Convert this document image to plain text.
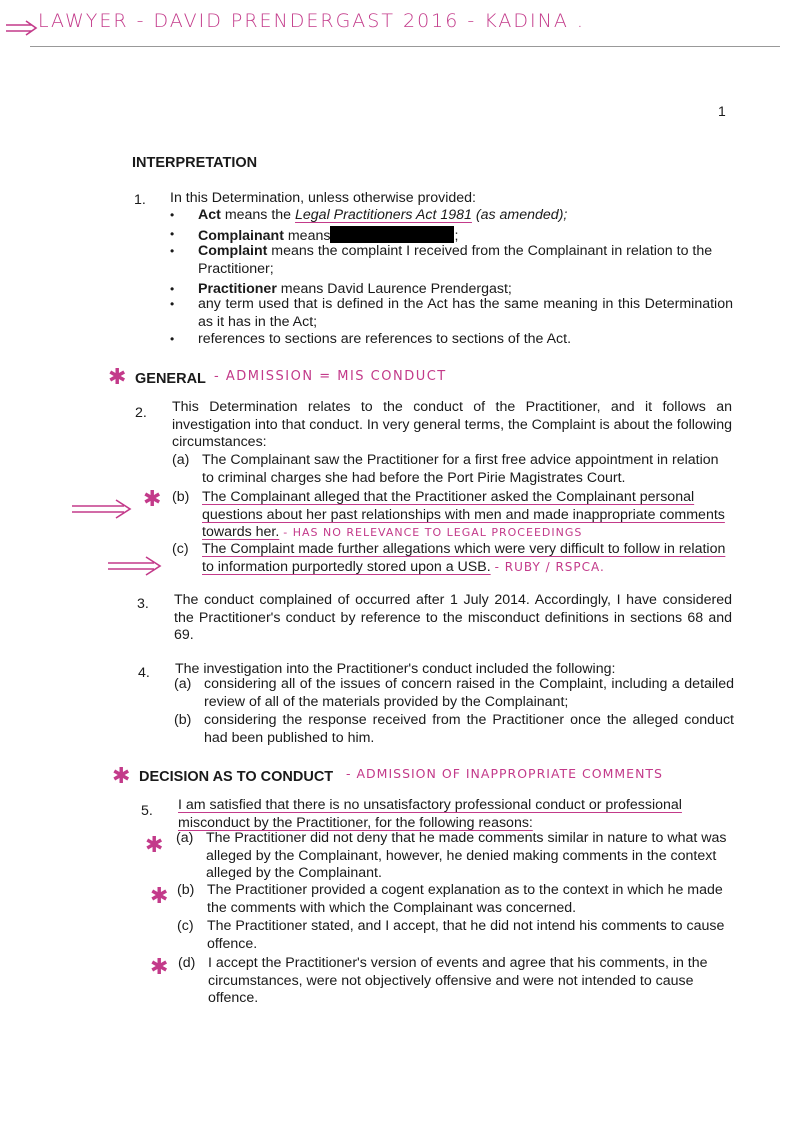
LAWYER - DAVID PRENDERGAST 2016 - KADINA .
1
INTERPRETATION
1. In this Determination, unless otherwise provided:
• Act means the Legal Practitioners Act 1981 (as amended);
• Complainant means	;
• Complaint means the complaint I received from the Complainant in relation to the Practitioner;
• Practitioner means David Laurence Prendergast;
• any term used that is defined in the Act has the same meaning in this Determination as it has in the Act;
• references to sections are references to sections of the Act.
✱ GENERAL - ADMISSION = MIS CONDUCT
2. This Determination relates to the conduct of the Practitioner, and it follows an investigation into that conduct. In very general terms, the Complaint is about the following circumstances:
(a) The Complainant saw the Practitioner for a first free advice appointment in relation to criminal charges she had before the Port Pirie Magistrates Court.
✱ (b) The Complainant alleged that the Practitioner asked the Complainant personal questions about her past relationships with men and made inappropriate comments towards her. - HAS NO RELEVANCE TO LEGAL PROCEEDINGS
(c) The Complaint made further allegations which were very difficult to follow in relation to information purportedly stored upon a USB. - RUBY / RSPCA.
3. The conduct complained of occurred after 1 July 2014. Accordingly, I have considered the Practitioner's conduct by reference to the misconduct definitions in sections 68 and 69.
4. The investigation into the Practitioner's conduct included the following:
(a) considering all of the issues of concern raised in the Complaint, including a detailed review of all of the materials provided by the Complainant;
(b) considering the response received from the Practitioner once the alleged conduct had been published to him.
✱ DECISION AS TO CONDUCT - ADMISSION OF INAPPROPRIATE COMMENTS
5. I am satisfied that there is no unsatisfactory professional conduct or professional misconduct by the Practitioner, for the following reasons:
✱ (a) The Practitioner did not deny that he made comments similar in nature to what was alleged by the Complainant, however, he denied making comments in the context alleged by the Complainant.
✱ (b) The Practitioner provided a cogent explanation as to the context in which he made the comments with which the Complainant was concerned.
(c) The Practitioner stated, and I accept, that he did not intend his comments to cause offence.
✱ (d) I accept the Practitioner's version of events and agree that his comments, in the circumstances, were not objectively offensive and were not intended to cause offence.
